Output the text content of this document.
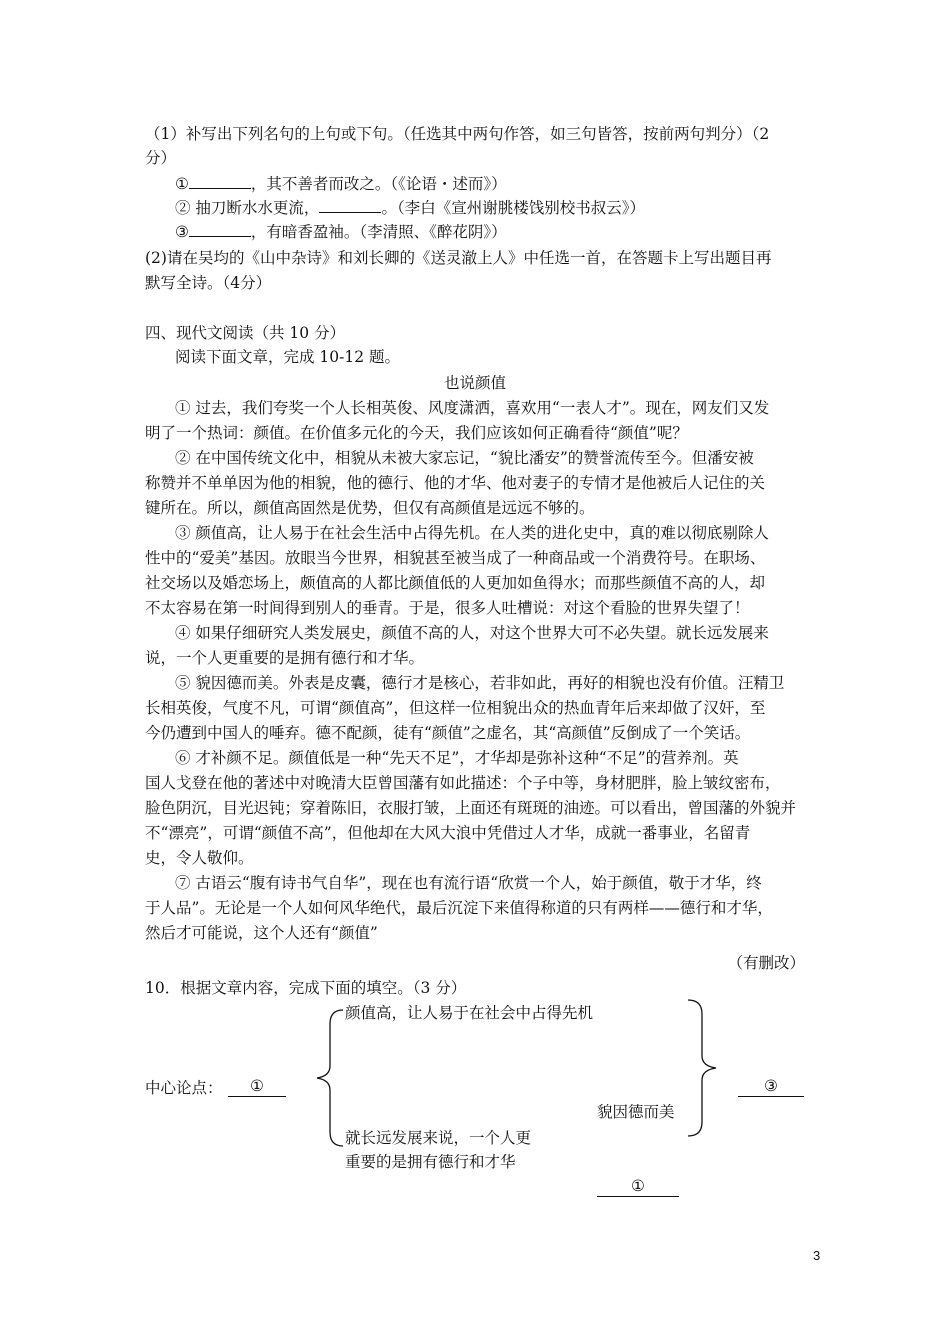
（1）补写出下列名句的上句或下句。（任选其中两句作答，如三句皆答，按前两句判分）（2
分）
①	，其不善者而改之。（《论语・述而》）
② 抽刀断水水更流，	。（李白《宣州谢朓楼饯别校书叔云》）
③	，有暗香盈袖。（李清照、《醉花阴》）
(2)请在吴均的《山中杂诗》和刘长卿的《送灵澈上人》中任选一首，在答题卡上写出题目再
默写全诗。（4分）
四、现代文阅读（共 10 分）
阅读下面文章，完成 10-12 题。
也说颜值
① 过去，我们夸奖一个人长相英俊、风度潇洒，喜欢用“一表人才”。现在，网友们又发
明了一个热词：颜值。在价值多元化的今天，我们应该如何正确看待“颜值”呢？
② 在中国传统文化中，相貌从未被大家忘记，“貌比潘安”的赞誉流传至今。但潘安被
称赞并不单单因为他的相貌，他的德行、他的才华、他对妻子的专情才是他被后人记住的关
键所在。所以，颜值高固然是优势，但仅有高颜值是远远不够的。
③ 颜值高，让人易于在社会生活中占得先机。在人类的进化史中，真的难以彻底剔除人
性中的“爱美”基因。放眼当今世界，相貌甚至被当成了一种商品或一个消费符号。在职场、
社交场以及婚恋场上，颇值高的人都比颜值低的人更加如鱼得水；而那些颜值不高的人，却
不太容易在第一时间得到别人的垂青。于是，很多人吐槽说：对这个看脸的世界失望了！
④ 如果仔细研究人类发展史，颜值不高的人，对这个世界大可不必失望。就长远发展来
说，一个人更重要的是拥有德行和才华。
⑤ 貌因德而美。外表是皮囊，德行才是核心，若非如此，再好的相貌也没有价值。汪精卫
长相英俊，气度不凡，可谓“颜值高”，但这样一位相貌出众的热血青年后来却做了汉奸，至
今仍遭到中国人的唾弃。德不配颜，徒有“颜值”之虚名，其“高颜值”反倒成了一个笑话。
⑥ 才补颜不足。颜值低是一种“先天不足”，才华却是弥补这种“不足”的营养剂。英
国人戈登在他的著述中对晚清大臣曾国藩有如此描述：个子中等，身材肥胖，脸上皱纹密布，
脸色阴沉，目光迟钝；穿着陈旧，衣服打皱，上面还有斑斑的油迹。可以看出，曾国藩的外貌并
不“漂亮”，可谓“颜值不高”，但他却在大风大浪中凭借过人才华，成就一番事业，名留青
史，令人敬仰。
⑦ 古语云“腹有诗书气自华”，现在也有流行语“欣赏一个人，始于颜值，敬于才华，终
于人品”。无论是一个人如何风华绝代，最后沉淀下来值得称道的只有两样——德行和才华，
然后才可能说，这个人还有“颜值”
（有删改）
10．根据文章内容，完成下面的填空。（3 分）
颜值高，让人易于在社会中占得先机
中心论点：	①	③
貌因德而美
就长远发展来说，一个人更
重要的是拥有德行和才华
①
3
